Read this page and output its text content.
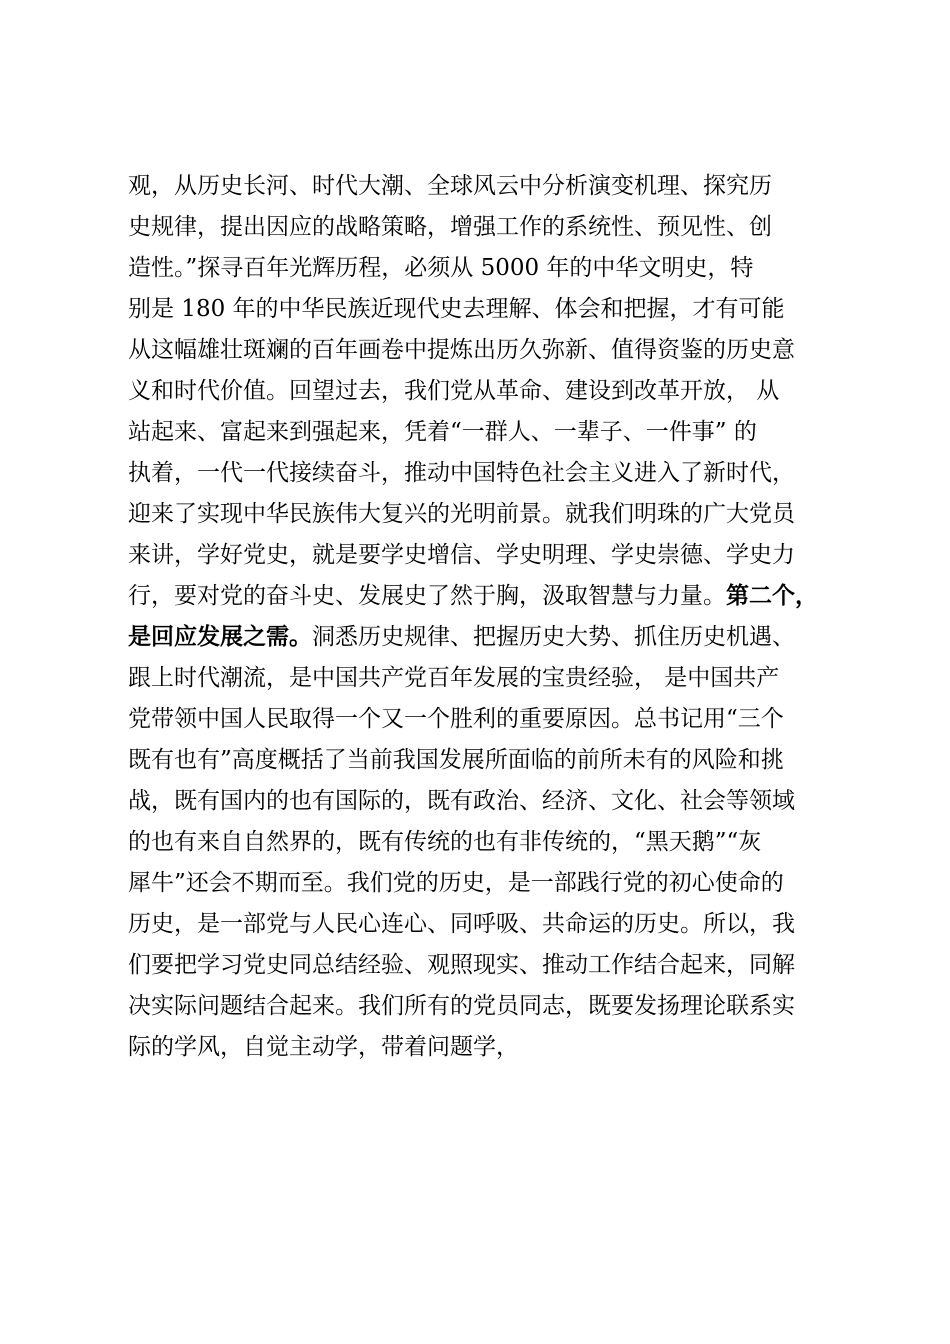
观，从历史长河、时代大潮、全球风云中分析演变机理、探究历
史规律，提出因应的战略策略，增强工作的系统性、预见性、创
造性。”探寻百年光辉历程，必须从 5000 年的中华文明史，特
别是 180 年的中华民族近现代史去理解、体会和把握，才有可能
从这幅雄壮斑斓的百年画卷中提炼出历久弥新、值得资鉴的历史意
义和时代价值。回望过去，我们党从革命、建设到改革开放， 从
站起来、富起来到强起来，凭着“一群人、一辈子、一件事” 的
执着，一代一代接续奋斗，推动中国特色社会主义进入了新时代，
迎来了实现中华民族伟大复兴的光明前景。就我们明珠的广大党员
来讲，学好党史，就是要学史增信、学史明理、学史崇德、学史力
行，要对党的奋斗史、发展史了然于胸，汲取智慧与力量。第二个，
是回应发展之需。洞悉历史规律、把握历史大势、抓住历史机遇、
跟上时代潮流，是中国共产党百年发展的宝贵经验， 是中国共产
党带领中国人民取得一个又一个胜利的重要原因。总书记用“三个
既有也有”高度概括了当前我国发展所面临的前所未有的风险和挑
战，既有国内的也有国际的，既有政治、经济、文化、社会等领域
的也有来自自然界的，既有传统的也有非传统的，“黑天鹅”“灰
犀牛”还会不期而至。我们党的历史，是一部践行党的初心使命的
历史，是一部党与人民心连心、同呼吸、共命运的历史。所以，我
们要把学习党史同总结经验、观照现实、推动工作结合起来，同解
决实际问题结合起来。我们所有的党员同志，既要发扬理论联系实
际的学风，自觉主动学，带着问题学，
